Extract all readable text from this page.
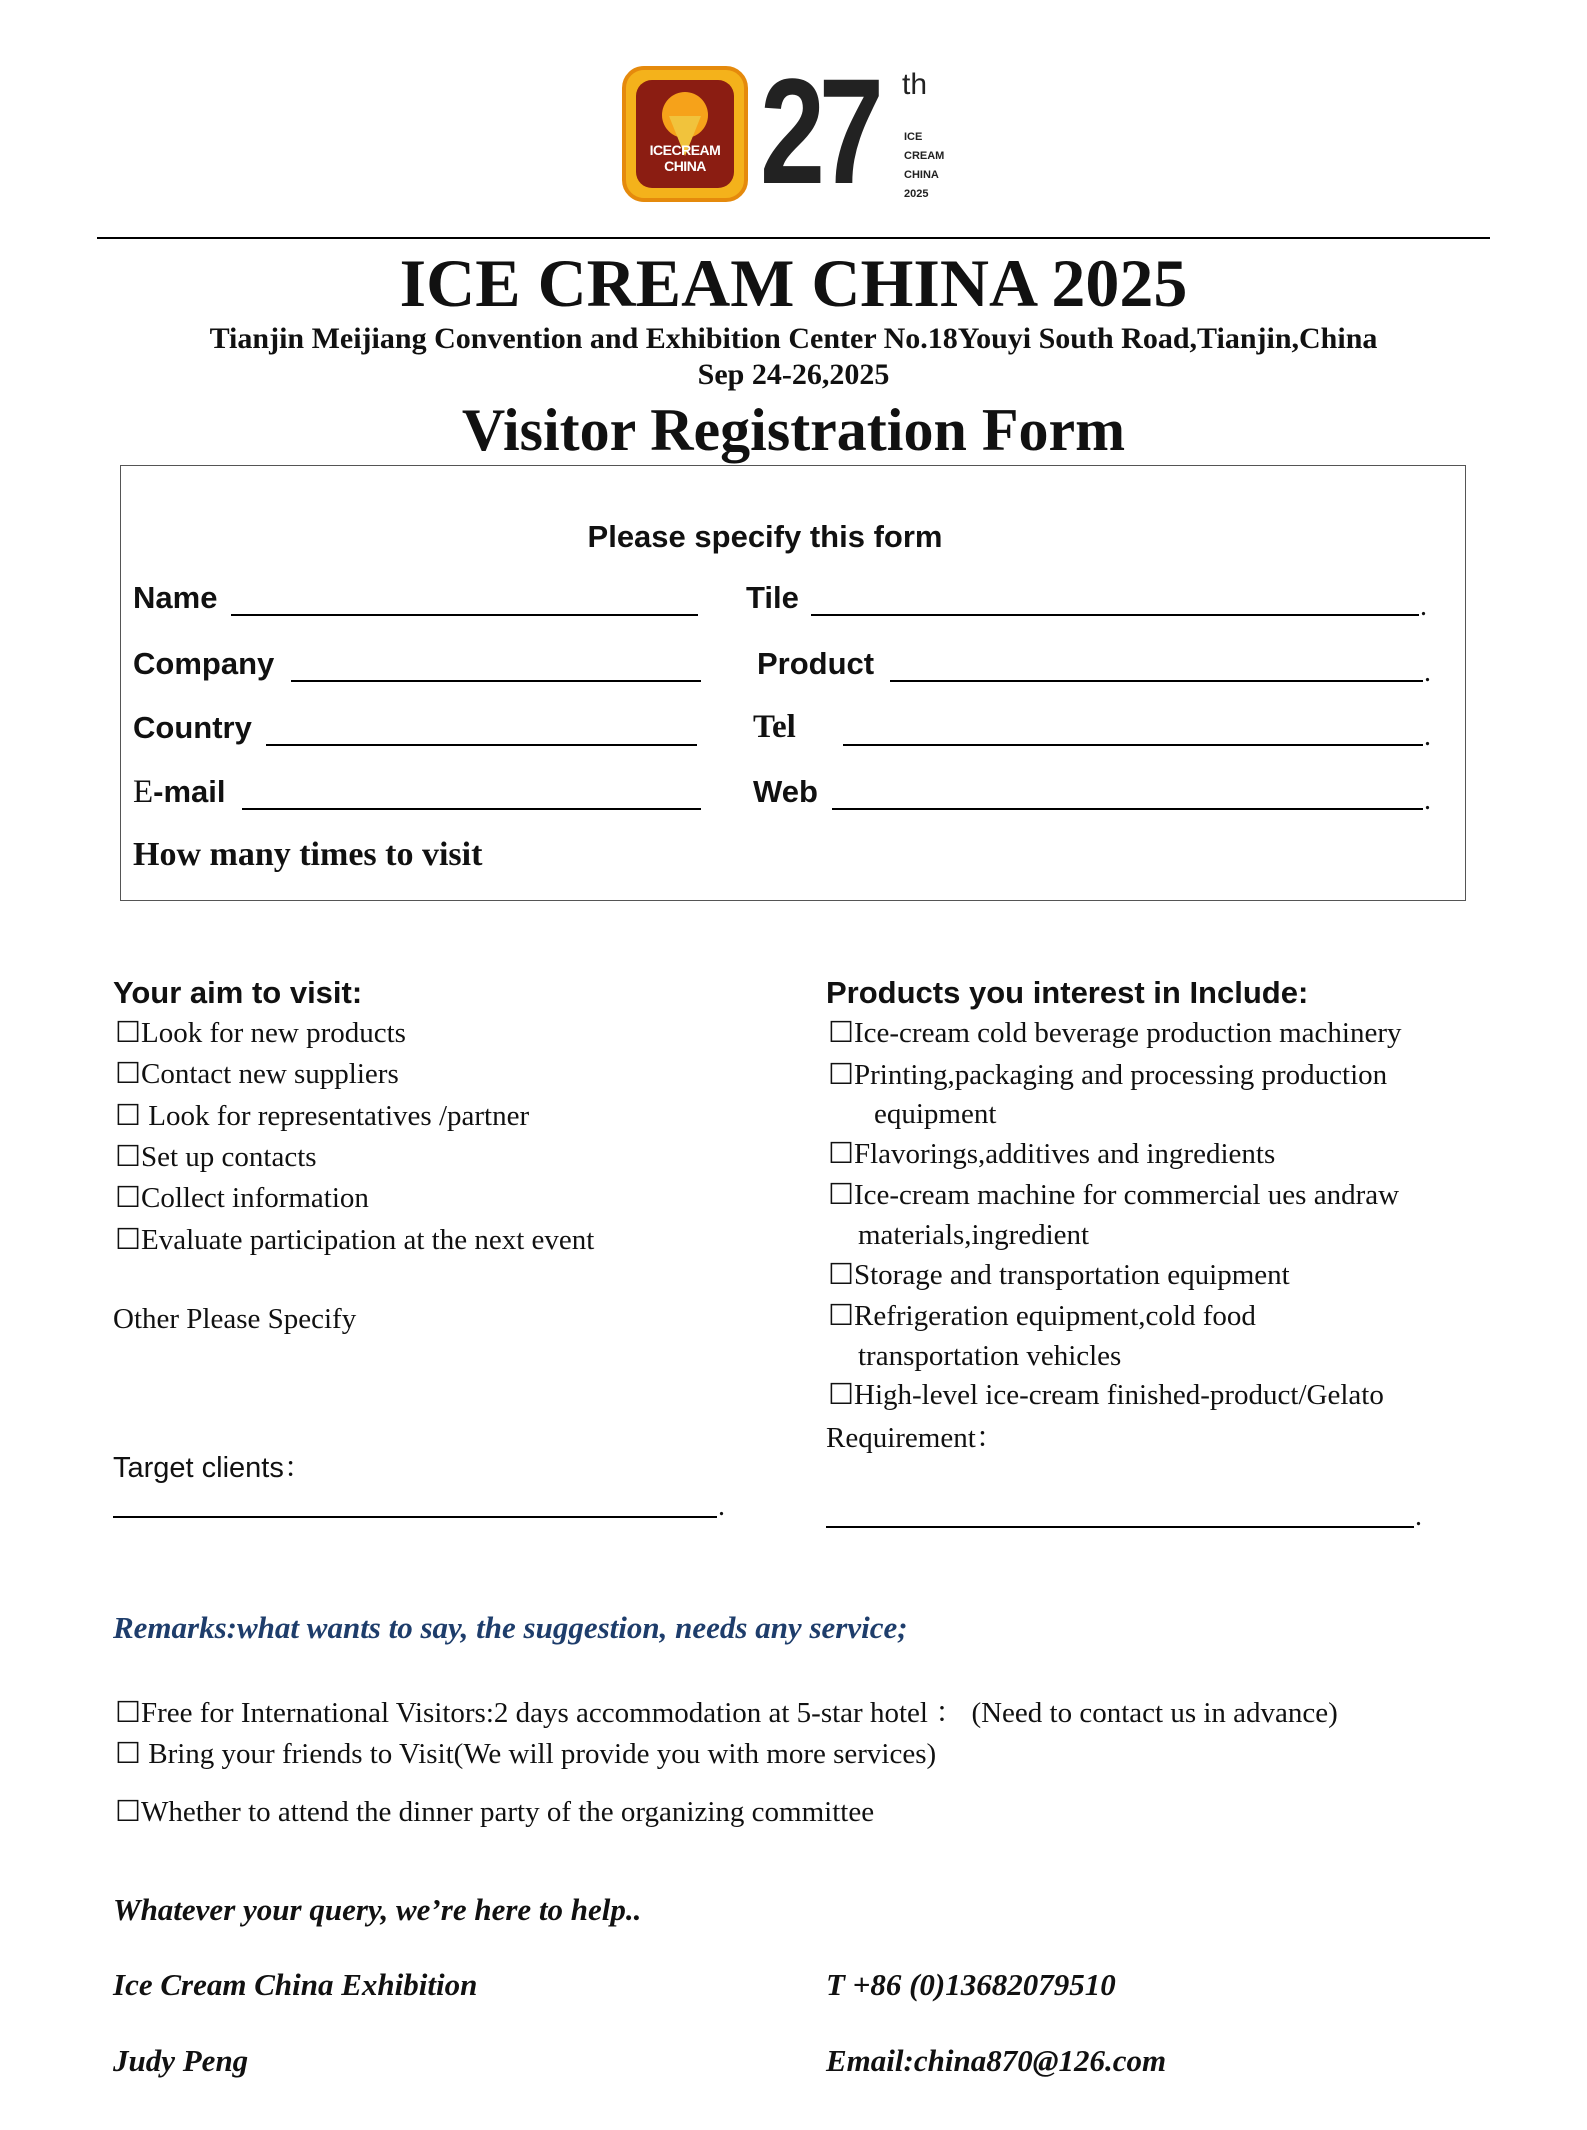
ICECREAM
CHINA 27 th
ICE
CREAM
CHINA
2025
ICE CREAM CHINA 2025
Tianjin Meijiang Convention and Exhibition Center No.18Youyi South Road,Tianjin,China
Sep 24-26,2025
Visitor Registration Form
Please specify this form
Name	Tile	.
Company	Product	.
Country	Tel	.
E-mail	Web	.
How many times to visit
Your aim to visit:
☐Look for new products
☐Contact new suppliers
☐ Look for representatives /partner
☐Set up contacts
☐Collect information
☐Evaluate participation at the next event
Other Please Specify
Target clients：
.
Products you interest in Include:
☐Ice-cream cold beverage production machinery
☐Printing,packaging and processing production
equipment
☐Flavorings,additives and ingredients
☐Ice-cream machine for commercial ues andraw
materials,ingredient
☐Storage and transportation equipment
☐Refrigeration equipment,cold food
transportation vehicles
☐High-level ice-cream finished-product/Gelato
Requirement：
.
Remarks:what wants to say, the suggestion, needs any service;
☐Free for International Visitors:2 days accommodation at 5-star hotel ： (Need to contact us in advance)
☐ Bring your friends to Visit(We will provide you with more services)
☐Whether to attend the dinner party of the organizing committee
Whatever your query, we’re here to help..
Ice Cream China Exhibition	T +86 (0)13682079510
Judy Peng	Email:china870@126.com
